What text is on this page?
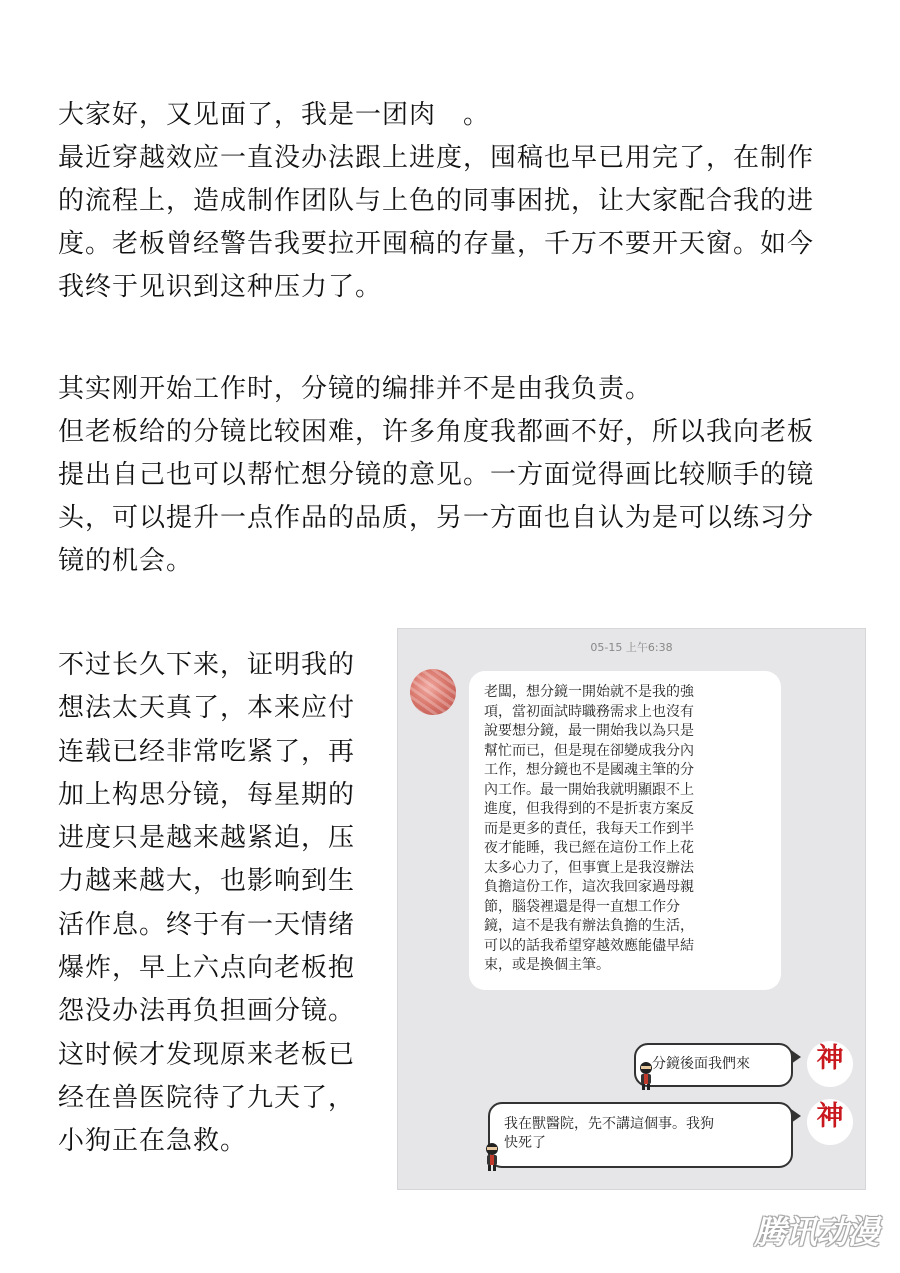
大家好，又见面了，我是一团肉　。
最近穿越效应一直没办法跟上进度，囤稿也早已用完了，在制作
的流程上，造成制作团队与上色的同事困扰，让大家配合我的进
度。老板曾经警告我要拉开囤稿的存量，千万不要开天窗。如今
我终于见识到这种压力了。
其实刚开始工作时，分镜的编排并不是由我负责。
但老板给的分镜比较困难，许多角度我都画不好，所以我向老板
提出自己也可以帮忙想分镜的意见。一方面觉得画比较顺手的镜
头，可以提升一点作品的品质，另一方面也自认为是可以练习分
镜的机会。
不过长久下来，证明我的
想法太天真了，本来应付
连载已经非常吃紧了，再
加上构思分镜，每星期的
进度只是越来越紧迫，压
力越来越大，也影响到生
活作息。终于有一天情绪
爆炸，早上六点向老板抱
怨没办法再负担画分镜。
这时候才发现原来老板已
经在兽医院待了九天了，
小狗正在急救。
05-15 上午6:38
老闆，想分鏡一開始就不是我的強
項，當初面試時職務需求上也沒有
說要想分鏡，最一開始我以為只是
幫忙而已，但是現在卻變成我分內
工作，想分鏡也不是國魂主筆的分
內工作。最一開始我就明顯跟不上
進度，但我得到的不是折衷方案反
而是更多的責任，我每天工作到半
夜才能睡，我已經在這份工作上花
太多心力了，但事實上是我沒辦法
負擔這份工作，這次我回家過母親
節，腦袋裡還是得一直想工作分
鏡，這不是我有辦法負擔的生活，
可以的話我希望穿越效應能儘早結
束，或是換個主筆。
分鏡後面我們來	神
我在獸醫院，先不講這個事。我狗
快死了
神
腾讯动漫
